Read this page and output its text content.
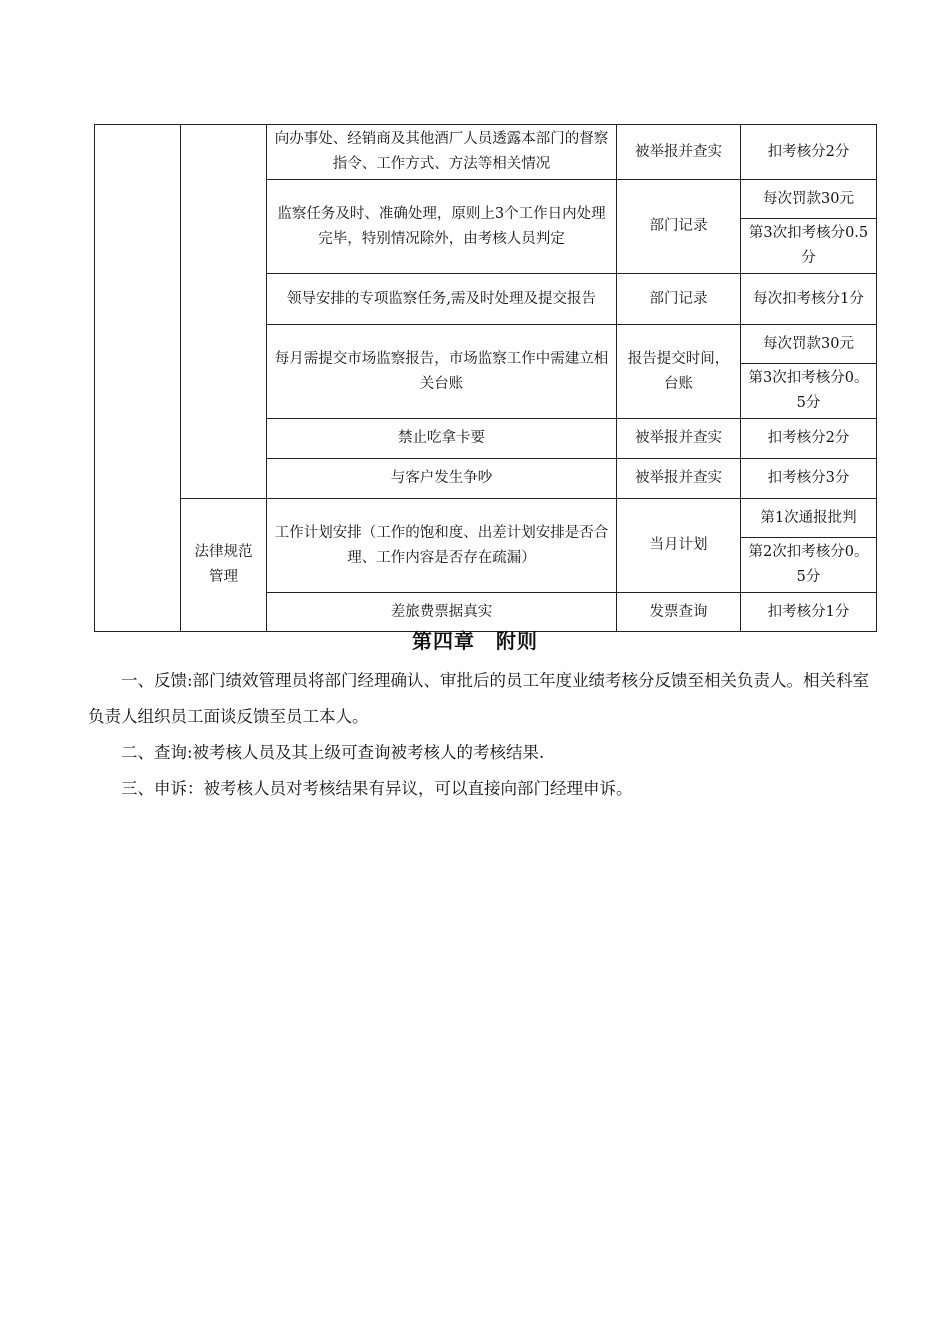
		向办事处、经销商及其他酒厂人员透露本部门的督察指令、工作方式、方法等相关情况	被举报并查实	扣考核分2分
		监察任务及时、准确处理，原则上3个工作日内处理完毕，特别情况除外，由考核人员判定	部门记录	每次罚款30元
				第3次扣考核分0.5分
		领导安排的专项监察任务,需及时处理及提交报告	部门记录	每次扣考核分1分
		每月需提交市场监察报告，市场监察工作中需建立相关台账	报告提交时间，台账	每次罚款30元
				第3次扣考核分0。5分
		禁止吃拿卡要	被举报并查实	扣考核分2分
		与客户发生争吵	被举报并查实	扣考核分3分
	法律规范管理	工作计划安排（工作的饱和度、出差计划安排是否合理、工作内容是否存在疏漏）	当月计划	第1次通报批判
				第2次扣考核分0。5分
		差旅费票据真实	发票查询	扣考核分1分
第四章　附则

一、反馈:部门绩效管理员将部门经理确认、审批后的员工年度业绩考核分反馈至相关负责人。相关科室负责人组织员工面谈反馈至员工本人。

二、查询:被考核人员及其上级可查询被考核人的考核结果.

三、申诉：被考核人员对考核结果有异议，可以直接向部门经理申诉。
